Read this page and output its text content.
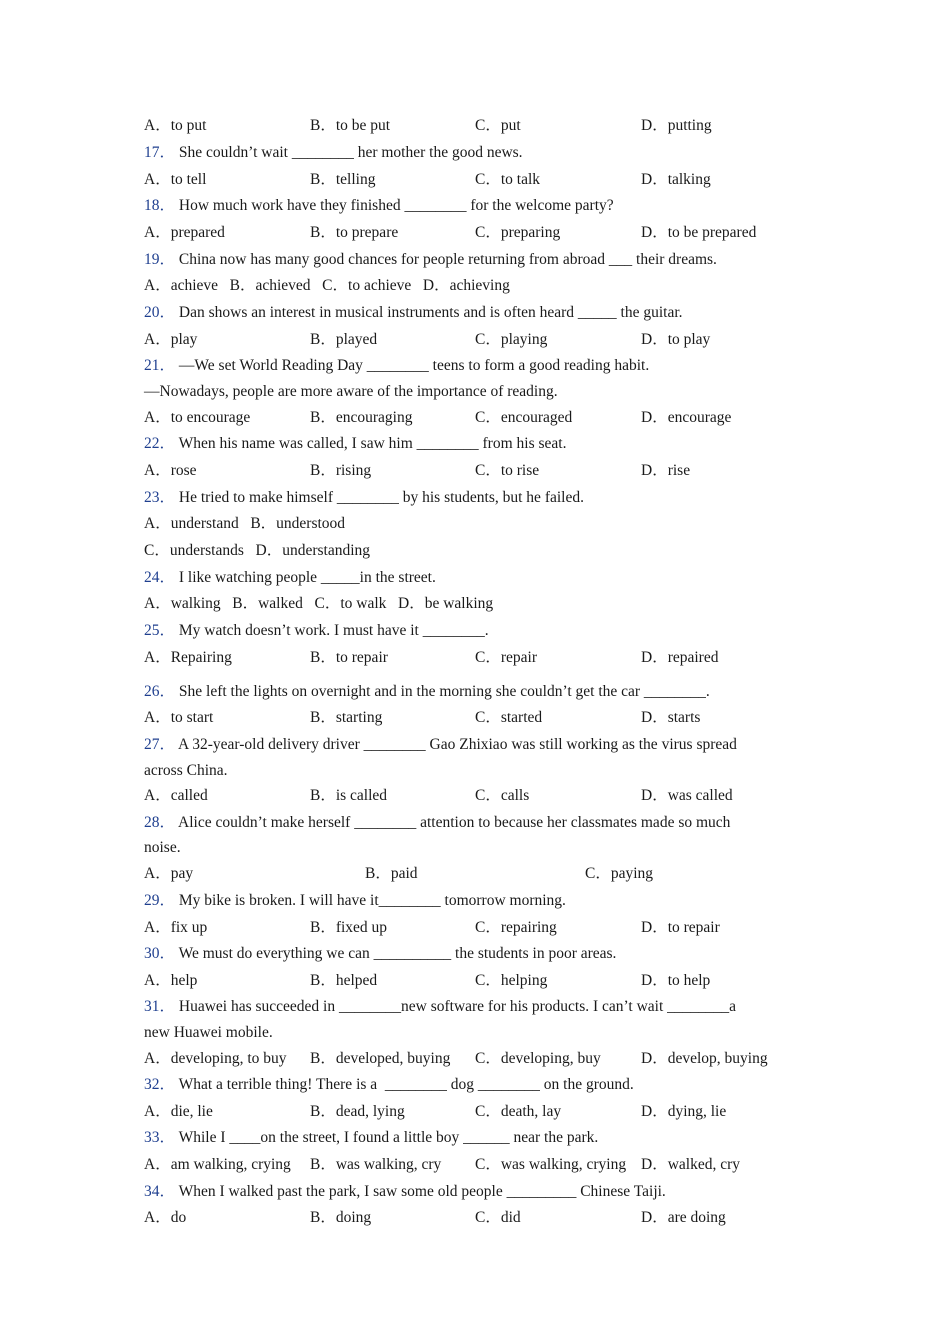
A．to put	B．to be put	C．put	D．putting
17． She couldn’t wait ________ her mother the good news.
A．to tell	B．telling	C．to talk	D．talking
18． How much work have they finished ________ for the welcome party?
A．prepared	B．to prepare	C．preparing	D．to be prepared
19． China now has many good chances for people returning from abroad ___ their dreams.
A．achieve   B．achieved   C．to achieve   D．achieving
20． Dan shows an interest in musical instruments and is often heard _____ the guitar.
A．play	B．played	C．playing	D．to play
21． —We set World Reading Day ________ teens to form a good reading habit.
—Nowadays, people are more aware of the importance of reading.
A．to encourage	B．encouraging	C．encouraged	D．encourage
22． When his name was called, I saw him ________ from his seat.
A．rose	B．rising	C．to rise	D．rise
23． He tried to make himself ________ by his students, but he failed.
A．understand   B．understood
C．understands   D．understanding
24． I like watching people _____in the street.
A．walking   B．walked   C．to walk   D．be walking
25． My watch doesn’t work. I must have it ________.
A．Repairing	B．to repair	C．repair	D．repaired
26． She left the lights on overnight and in the morning she couldn’t get the car ________.
A．to start	B．starting	C．started	D．starts
27． A 32-year-old delivery driver ________ Gao Zhixiao was still working as the virus spread
across China.
A．called	B．is called	C．calls	D．was called
28． Alice couldn’t make herself ________ attention to because her classmates made so much
noise.
A．pay	B．paid	C．paying
29． My bike is broken. I will have it________ tomorrow morning.
A．fix up	B．fixed up	C．repairing	D．to repair
30． We must do everything we can __________ the students in poor areas.
A．help	B．helped	C．helping	D．to help
31． Huawei has succeeded in ________new software for his products. I can’t wait ________a
new Huawei mobile.
A．developing, to buy B．developed, buying C．developing, buy	D．develop, buying
32． What a terrible thing! There is a  ________ dog ________ on the ground.
A．die, lie	B．dead, lying	C．death, lay	D．dying, lie
33． While I ____on the street, I found a little boy ______ near the park.
A．am walking, crying B．was walking, cry C．was walking, crying D．walked, cry
34． When I walked past the park, I saw some old people _________ Chinese Taiji.
A．do	B．doing	C．did	D．are doing
